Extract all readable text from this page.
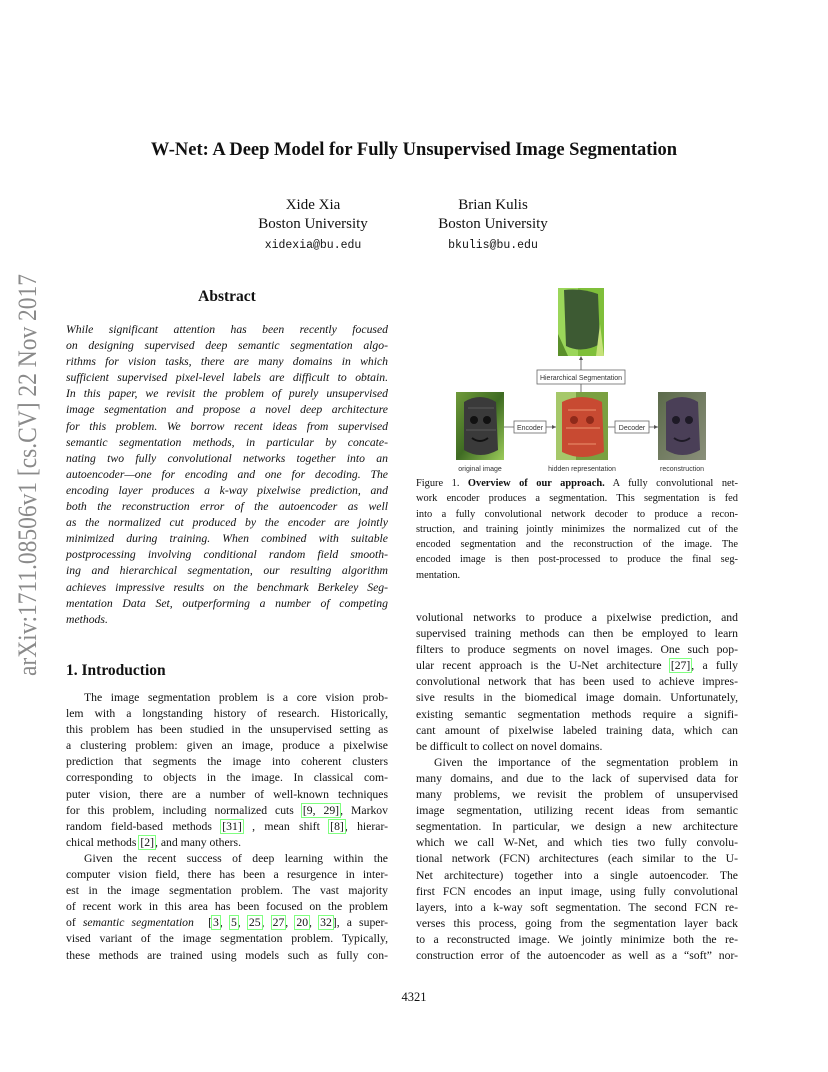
arXiv:1711.08506v1 [cs.CV] 22 Nov 2017
W-Net: A Deep Model for Fully Unsupervised Image Segmentation
Xide Xia
Boston University
xidexia@bu.edu
Brian Kulis
Boston University
bkulis@bu.edu
Abstract
While significant attention has been recently focused
on designing supervised deep semantic segmentation algo-
rithms for vision tasks, there are many domains in which
sufficient supervised pixel-level labels are difficult to obtain.
In this paper, we revisit the problem of purely unsupervised
image segmentation and propose a novel deep architecture
for this problem. We borrow recent ideas from supervised
semantic segmentation methods, in particular by concate-
nating two fully convolutional networks together into an
autoencoder—one for encoding and one for decoding. The
encoding layer produces a k-way pixelwise prediction, and
both the reconstruction error of the autoencoder as well
as the normalized cut produced by the encoder are jointly
minimized during training. When combined with suitable
postprocessing involving conditional random field smooth-
ing and hierarchical segmentation, our resulting algorithm
achieves impressive results on the benchmark Berkeley Seg-
mentation Data Set, outperforming a number of competing
methods.
1. Introduction
The image segmentation problem is a core vision prob-
lem with a longstanding history of research. Historically,
this problem has been studied in the unsupervised setting as
a clustering problem: given an image, produce a pixelwise
prediction that segments the image into coherent clusters
corresponding to objects in the image. In classical com-
puter vision, there are a number of well-known techniques
for this problem, including normalized cuts [9, 29], Markov
random field-based methods [31] , mean shift [8], hierar-
chical methods [2], and many others.
Given the recent success of deep learning within the
computer vision field, there has been a resurgence in inter-
est in the image segmentation problem. The vast majority
of recent work in this area has been focused on the problem
of semantic segmentation  [3, 5, 25, 27, 20, 32], a super-
vised variant of the image segmentation problem. Typically,
these methods are trained using models such as fully con-
Hierarchical Segmentation
Encoder	Decoder
original image	hidden representation	reconstruction
Figure 1. Overview of our approach. A fully convolutional net-
work encoder produces a segmentation. This segmentation is fed
into a fully convolutional network decoder to produce a recon-
struction, and training jointly minimizes the normalized cut of the
encoded segmentation and the reconstruction of the image. The
encoded image is then post-processed to produce the final seg-
mentation.
volutional networks to produce a pixelwise prediction, and
supervised training methods can then be employed to learn
filters to produce segments on novel images. One such pop-
ular recent approach is the U-Net architecture [27], a fully
convolutional network that has been used to achieve impres-
sive results in the biomedical image domain. Unfortunately,
existing semantic segmentation methods require a signifi-
cant amount of pixelwise labeled training data, which can
be difficult to collect on novel domains.
Given the importance of the segmentation problem in
many domains, and due to the lack of supervised data for
many problems, we revisit the problem of unsupervised
image segmentation, utilizing recent ideas from semantic
segmentation. In particular, we design a new architecture
which we call W-Net, and which ties two fully convolu-
tional network (FCN) architectures (each similar to the U-
Net architecture) together into a single autoencoder. The
first FCN encodes an input image, using fully convolutional
layers, into a k-way soft segmentation. The second FCN re-
verses this process, going from the segmentation layer back
to a reconstructed image. We jointly minimize both the re-
construction error of the autoencoder as well as a “soft” nor-
4321
